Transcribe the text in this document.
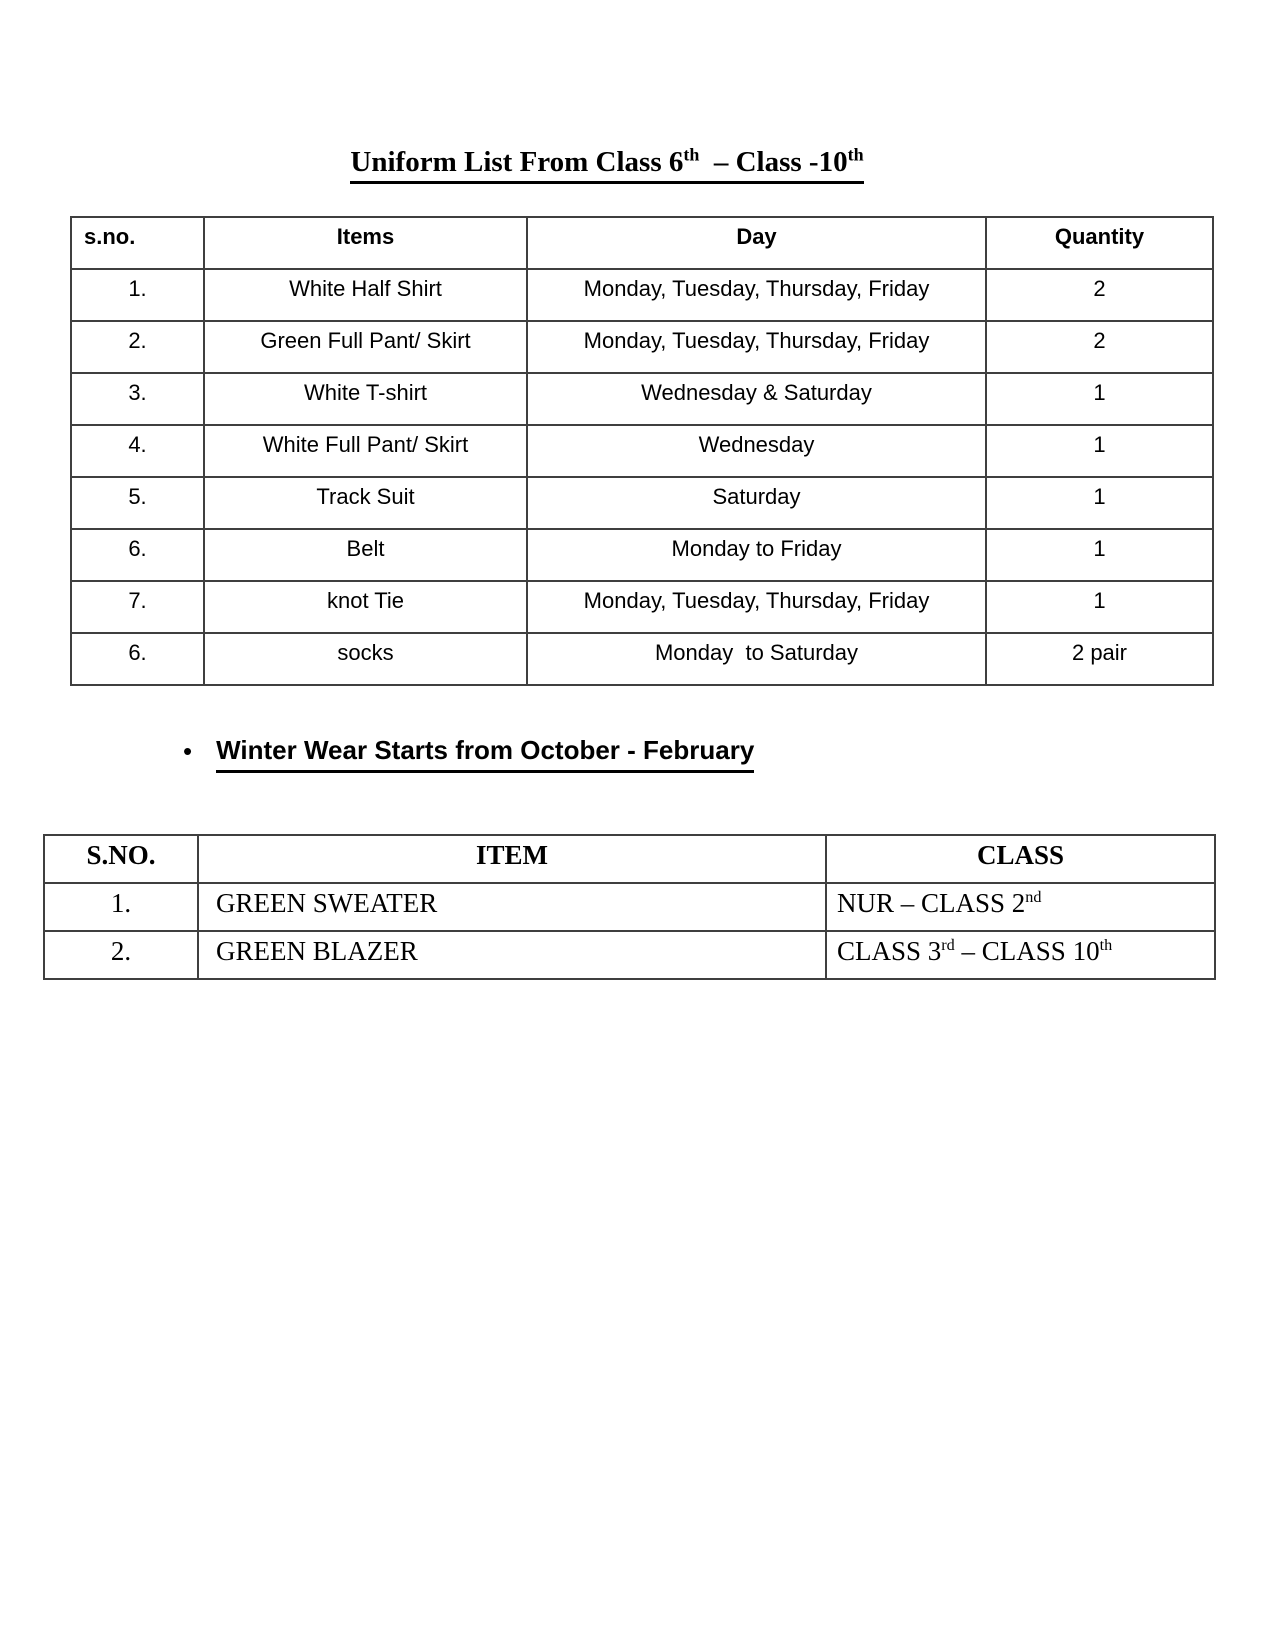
Uniform List From Class 6th  – Class -10th
s.no.	Items	Day	Quantity
1.	White Half Shirt	Monday, Tuesday, Thursday, Friday	2
2.	Green Full Pant/ Skirt	Monday, Tuesday, Thursday, Friday	2
3.	White T-shirt	Wednesday & Saturday	1
4.	White Full Pant/ Skirt	Wednesday	1
5.	Track Suit	Saturday	1
6.	Belt	Monday to Friday	1
7.	knot Tie	Monday, Tuesday, Thursday, Friday	1
6.	socks	Monday  to Saturday	2 pair
• Winter Wear Starts from October - February
S.NO.	ITEM	CLASS
1.	GREEN SWEATER	NUR – CLASS 2nd
2.	GREEN BLAZER	CLASS 3rd – CLASS 10th
